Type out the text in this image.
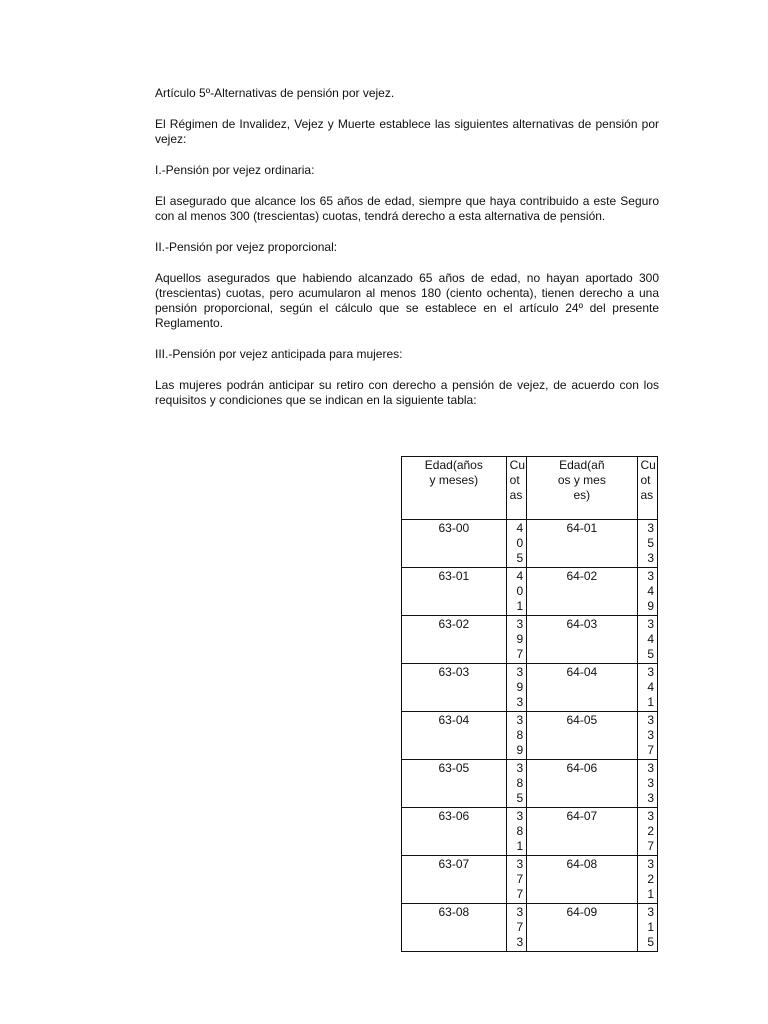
Artículo 5º-Alternativas de pensión por vejez.

El Régimen de Invalidez, Vejez y Muerte establece las siguientes alternativas de pensión por vejez:

I.-Pensión por vejez ordinaria:

El asegurado que alcance los 65 años de edad, siempre que haya contribuido a este Seguro con al menos 300 (trescientas) cuotas, tendrá derecho a esta alternativa de pensión.

II.-Pensión por vejez proporcional:

Aquellos asegurados que habiendo alcanzado 65 años de edad, no hayan aportado 300 (trescientas) cuotas, pero acumularon al menos 180 (ciento ochenta), tienen derecho a una pensión proporcional, según el cálculo que se establece en el artículo 24º del presente Reglamento.

III.-Pensión por vejez anticipada para mujeres:

Las mujeres podrán anticipar su retiro con derecho a pensión de vejez, de acuerdo con los requisitos y condiciones que se indican en la siguiente tabla:

Edad(años y meses)	Cuotas	Edad(años y meses)	Cuotas

63-00	405	64-01	353

63-01	401	64-02	349

63-02	397	64-03	345

63-03	393	64-04	341

63-04	389	64-05	337

63-05	385	64-06	333

63-06	381	64-07	327

63-07	377	64-08	321

63-08	373	64-09	315
